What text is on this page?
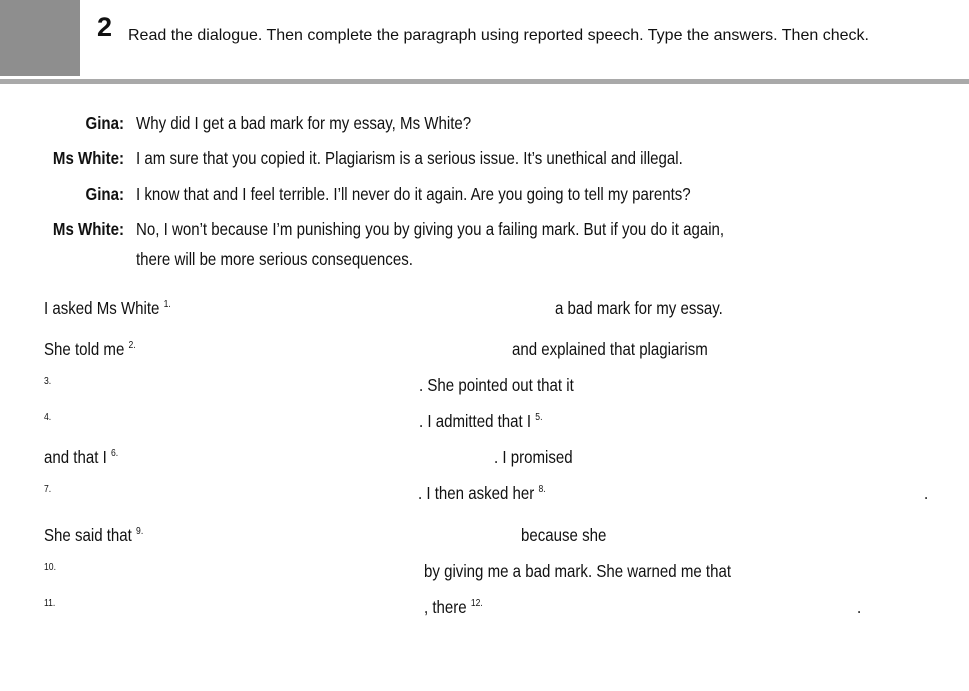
2 Read the dialogue. Then complete the paragraph using reported speech. Type the answers. Then check.
Gina: Why did I get a bad mark for my essay, Ms White?
Ms White: I am sure that you copied it. Plagiarism is a serious issue. It’s unethical and illegal.
Gina: I know that and I feel terrible. I’ll never do it again. Are you going to tell my parents?
Ms White: No, I won’t because I’m punishing you by giving you a failing mark. But if you do it again,
there will be more serious consequences.
I asked Ms White $^{1.}$	a bad mark for my essay.
She told me $^{2.}$	and explained that plagiarism
$^{3.}$	. She pointed out that it
$^{4.}$	. I admitted that I $^{5.}$
and that I $^{6.}$	. I promised
$^{7.}$	. I then asked her $^{8.}$	.
She said that $^{9.}$	because she
$^{10.}$	by giving me a bad mark. She warned me that
$^{11.}$	, there $^{12.}$	.
